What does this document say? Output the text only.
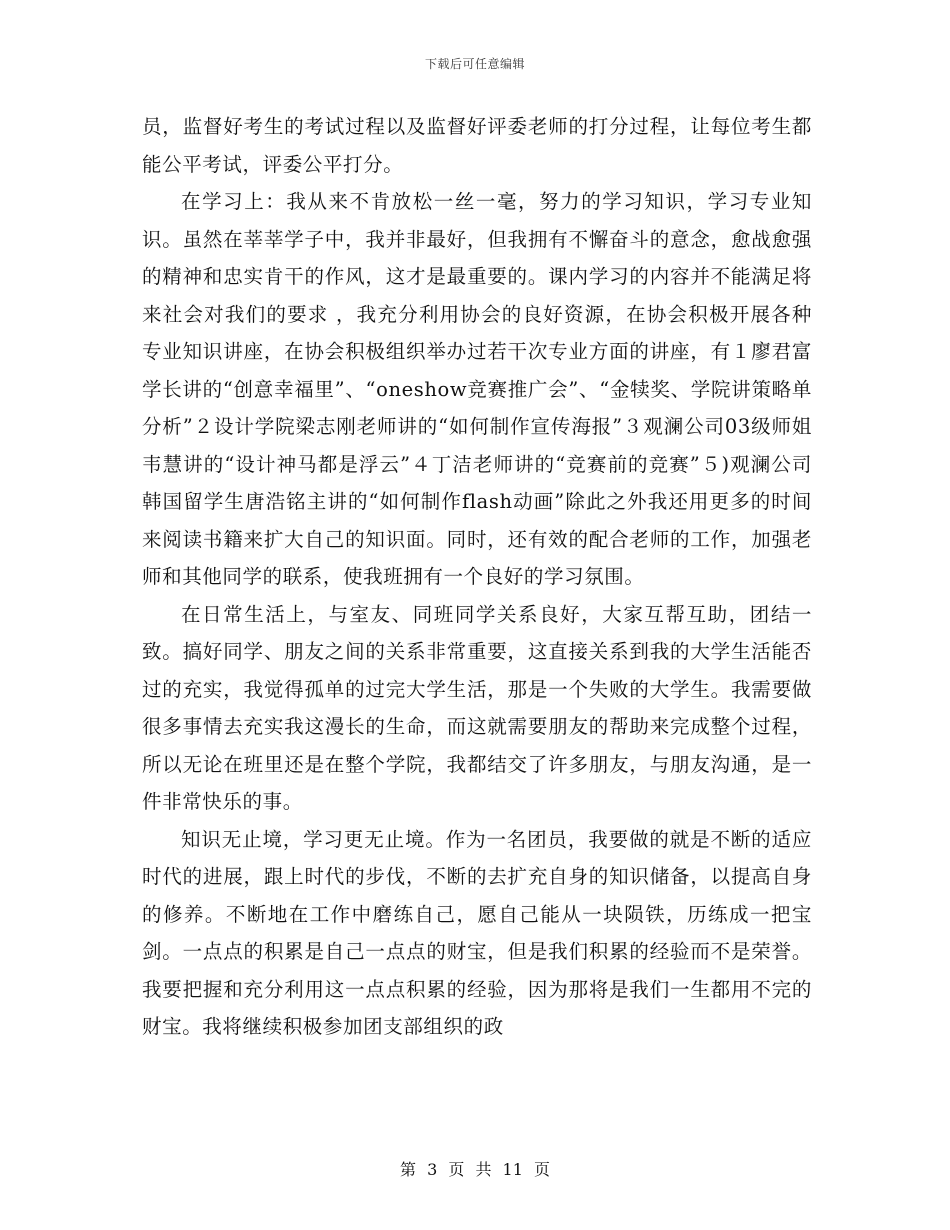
下载后可任意编辑

员，监督好考生的考试过程以及监督好评委老师的打分过程，让每位考生都能公平考试，评委公平打分。

在学习上：我从来不肯放松一丝一毫，努力的学习知识，学习专业知识。虽然在莘莘学子中，我并非最好，但我拥有不懈奋斗的意念，愈战愈强的精神和忠实肯干的作风，这才是最重要的。课内学习的内容并不能满足将来社会对我们的要求 ，我充分利用协会的良好资源，在协会积极开展各种专业知识讲座，在协会积极组织举办过若干次专业方面的讲座，有１廖君富学长讲的“创意幸福里”、“oneshow竞赛推广会”、“金犊奖、学院讲策略单分析”２设计学院梁志刚老师讲的“如何制作宣传海报”３观澜公司03级师姐韦慧讲的“设计神马都是浮云”４丁洁老师讲的“竞赛前的竞赛”５)观澜公司韩国留学生唐浩铭主讲的“如何制作flash动画”除此之外我还用更多的时间来阅读书籍来扩大自己的知识面。同时，还有效的配合老师的工作，加强老师和其他同学的联系，使我班拥有一个良好的学习氛围。

在日常生活上，与室友、同班同学关系良好，大家互帮互助，团结一致。搞好同学、朋友之间的关系非常重要，这直接关系到我的大学生活能否过的充实，我觉得孤单的过完大学生活，那是一个失败的大学生。我需要做很多事情去充实我这漫长的生命，而这就需要朋友的帮助来完成整个过程，所以无论在班里还是在整个学院，我都结交了许多朋友，与朋友沟通，是一件非常快乐的事。

知识无止境，学习更无止境。作为一名团员，我要做的就是不断的适应时代的进展，跟上时代的步伐，不断的去扩充自身的知识储备，以提高自身的修养。不断地在工作中磨练自己，愿自己能从一块陨铁，历练成一把宝剑。一点点的积累是自己一点点的财宝，但是我们积累的经验而不是荣誉。我要把握和充分利用这一点点积累的经验，因为那将是我们一生都用不完的财宝。我将继续积极参加团支部组织的政

第 3 页 共 11 页
